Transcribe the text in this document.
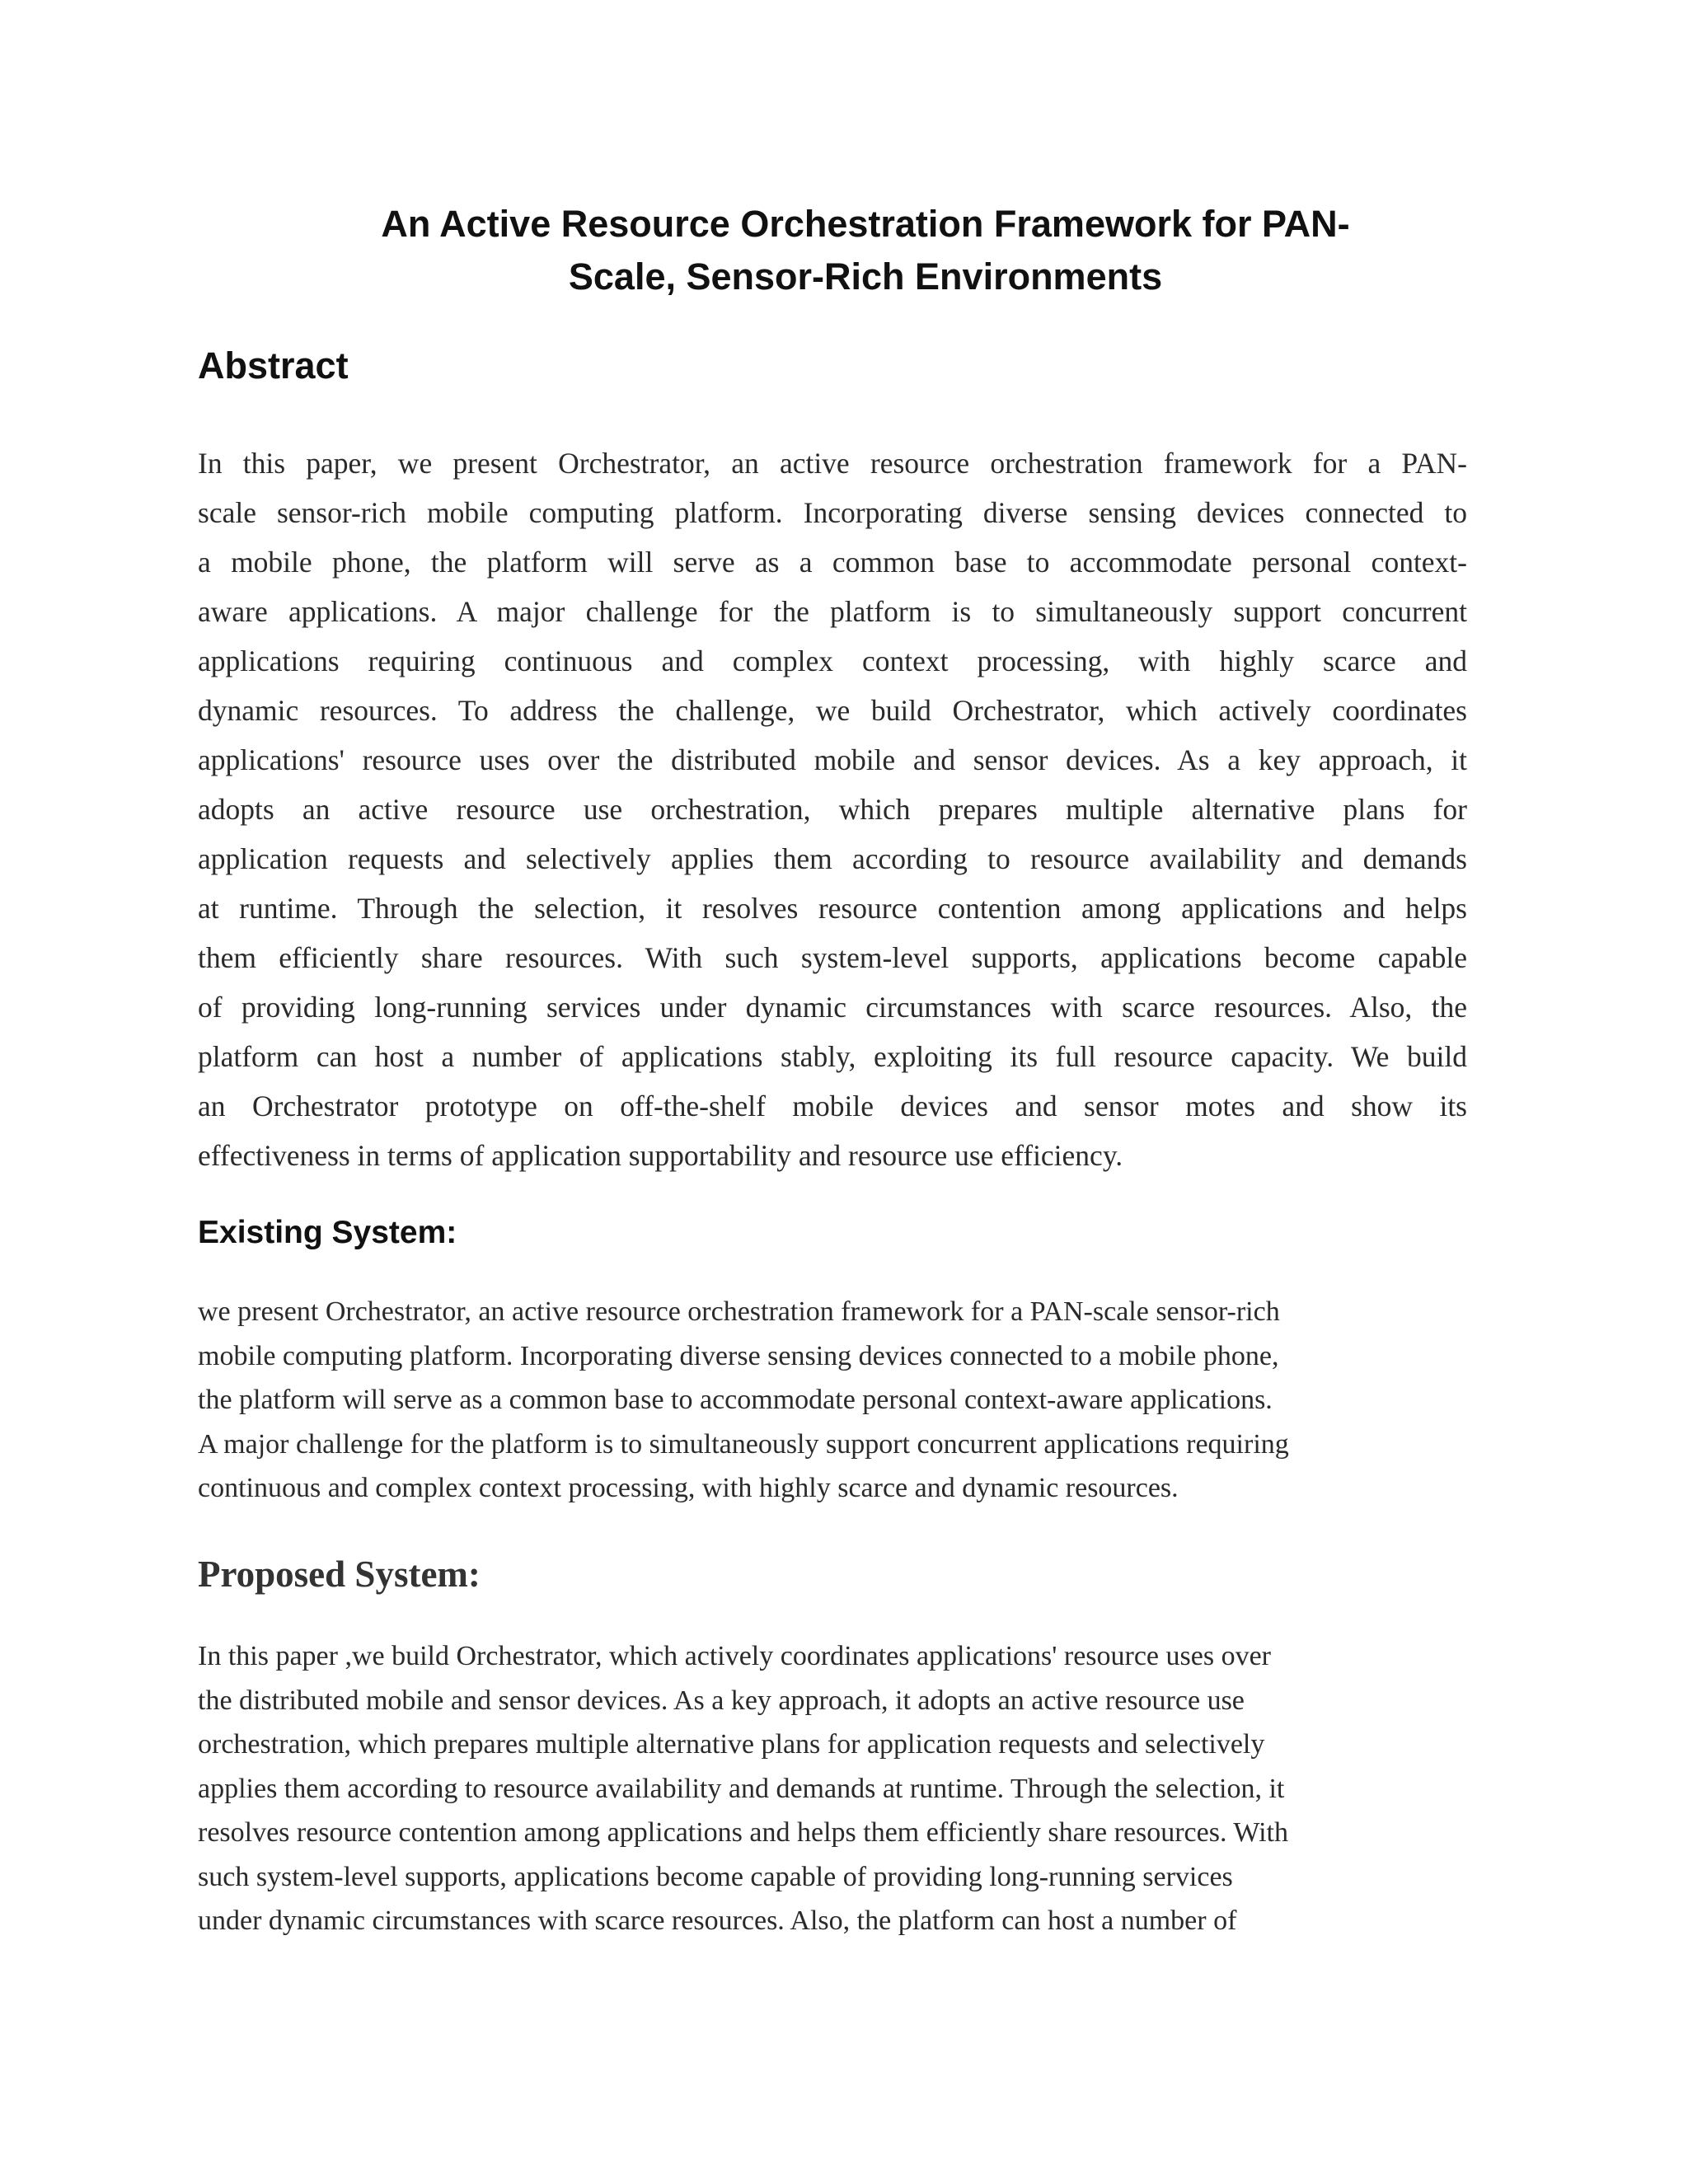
An Active Resource Orchestration Framework for PAN-
Scale, Sensor-Rich Environments
Abstract

In this paper, we present Orchestrator, an active resource orchestration framework for a PAN-
scale sensor-rich mobile computing platform. Incorporating diverse sensing devices connected to
a mobile phone, the platform will serve as a common base to accommodate personal context-
aware applications. A major challenge for the platform is to simultaneously support concurrent
applications requiring continuous and complex context processing, with highly scarce and
dynamic resources. To address the challenge, we build Orchestrator, which actively coordinates
applications' resource uses over the distributed mobile and sensor devices. As a key approach, it
adopts an active resource use orchestration, which prepares multiple alternative plans for
application requests and selectively applies them according to resource availability and demands
at runtime. Through the selection, it resolves resource contention among applications and helps
them efficiently share resources. With such system-level supports, applications become capable
of providing long-running services under dynamic circumstances with scarce resources. Also, the
platform can host a number of applications stably, exploiting its full resource capacity. We build
an Orchestrator prototype on off-the-shelf mobile devices and sensor motes and show its
effectiveness in terms of application supportability and resource use efficiency.

Existing System:

we present Orchestrator, an active resource orchestration framework for a PAN-scale sensor-rich
mobile computing platform. Incorporating diverse sensing devices connected to a mobile phone,
the platform will serve as a common base to accommodate personal context-aware applications.
A major challenge for the platform is to simultaneously support concurrent applications requiring
continuous and complex context processing, with highly scarce and dynamic resources.

Proposed System:

In this paper ,we build Orchestrator, which actively coordinates applications' resource uses over
the distributed mobile and sensor devices. As a key approach, it adopts an active resource use
orchestration, which prepares multiple alternative plans for application requests and selectively
applies them according to resource availability and demands at runtime. Through the selection, it
resolves resource contention among applications and helps them efficiently share resources. With
such system-level supports, applications become capable of providing long-running services
under dynamic circumstances with scarce resources. Also, the platform can host a number of
